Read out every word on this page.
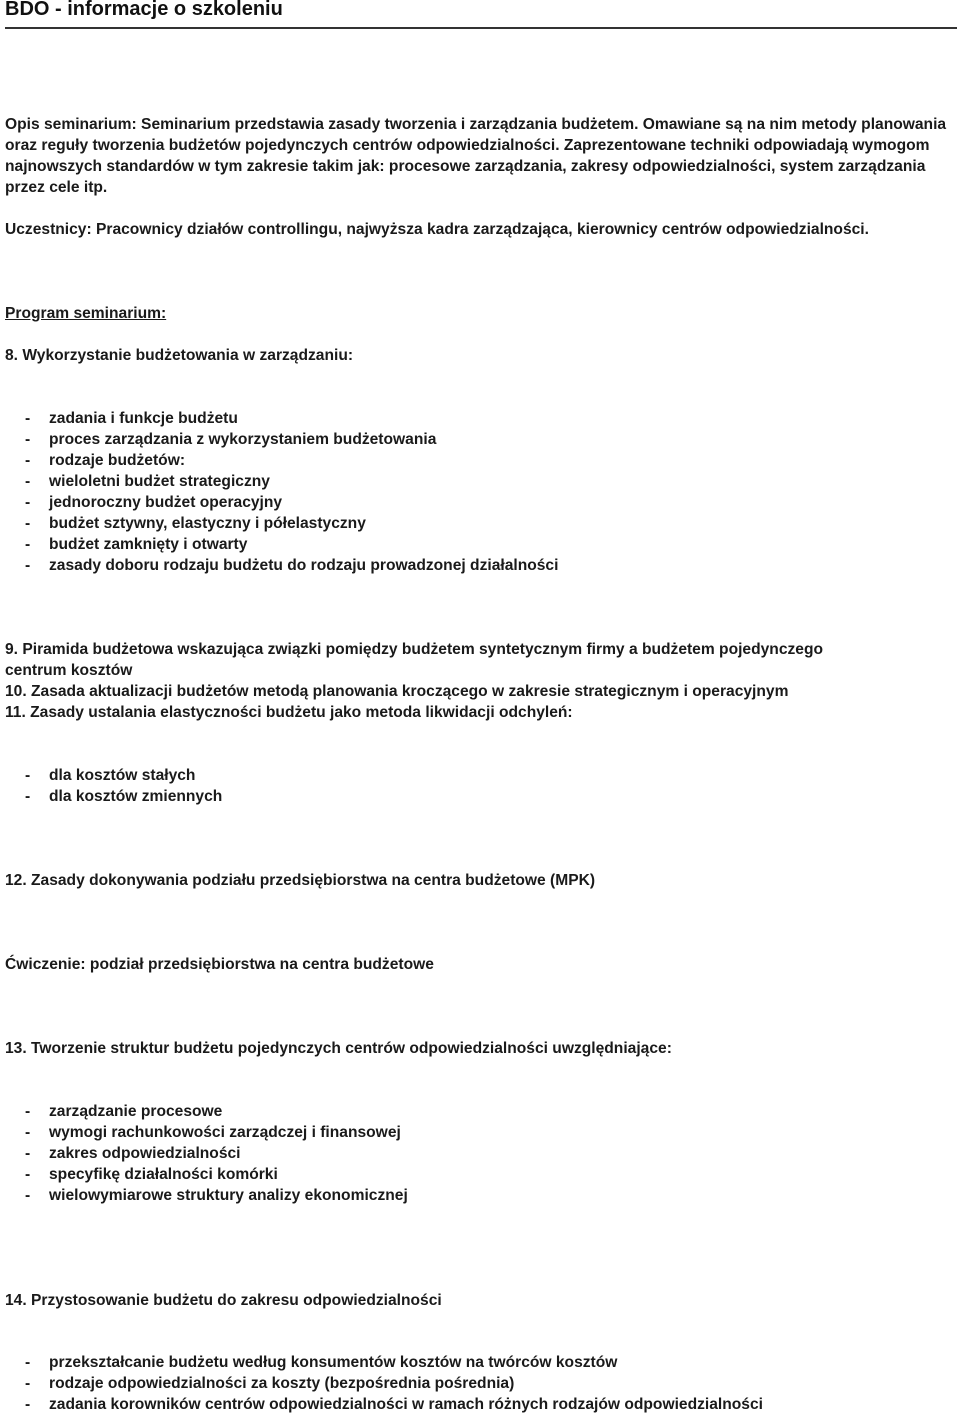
BDO - informacje o szkoleniu

Opis seminarium: Seminarium przedstawia zasady tworzenia i zarządzania budżetem. Omawiane są na nim metody planowania oraz reguły tworzenia budżetów pojedynczych centrów odpowiedzialności. Zaprezentowane techniki odpowiadają wymogom najnowszych standardów w tym zakresie takim jak: procesowe zarządzania, zakresy odpowiedzialności, system zarządzania przez cele itp.

Uczestnicy: Pracownicy działów controllingu, najwyższa kadra zarządzająca, kierownicy centrów odpowiedzialności.

Program seminarium:

8. Wykorzystanie budżetowania w zarządzaniu:

- zadania i funkcje budżetu

- proces zarządzania z wykorzystaniem budżetowania

- rodzaje budżetów:

- wieloletni budżet strategiczny

- jednoroczny budżet operacyjny

- budżet sztywny, elastyczny i półelastyczny

- budżet zamknięty i otwarty

- zasady doboru rodzaju budżetu do rodzaju prowadzonej działalności

9. Piramida budżetowa wskazująca związki pomiędzy budżetem syntetycznym firmy a budżetem pojedynczego

centrum kosztów

10. Zasada aktualizacji budżetów metodą planowania kroczącego w zakresie strategicznym i operacyjnym

11. Zasady ustalania elastyczności budżetu jako metoda likwidacji odchyleń:

- dla kosztów stałych

- dla kosztów zmiennych

12. Zasady dokonywania podziału przedsiębiorstwa na centra budżetowe (MPK)

Ćwiczenie: podział przedsiębiorstwa na centra budżetowe

13. Tworzenie struktur budżetu pojedynczych centrów odpowiedzialności uwzględniające:

- zarządzanie procesowe

- wymogi rachunkowości zarządczej i finansowej

- zakres odpowiedzialności

- specyfikę działalności komórki

- wielowymiarowe struktury analizy ekonomicznej

14. Przystosowanie budżetu do zakresu odpowiedzialności

- przekształcanie budżetu według konsumentów kosztów na twórców kosztów

- rodzaje odpowiedzialności za koszty (bezpośrednia pośrednia)

- zadania korowników centrów odpowiedzialności w ramach różnych rodzajów odpowiedzialności
